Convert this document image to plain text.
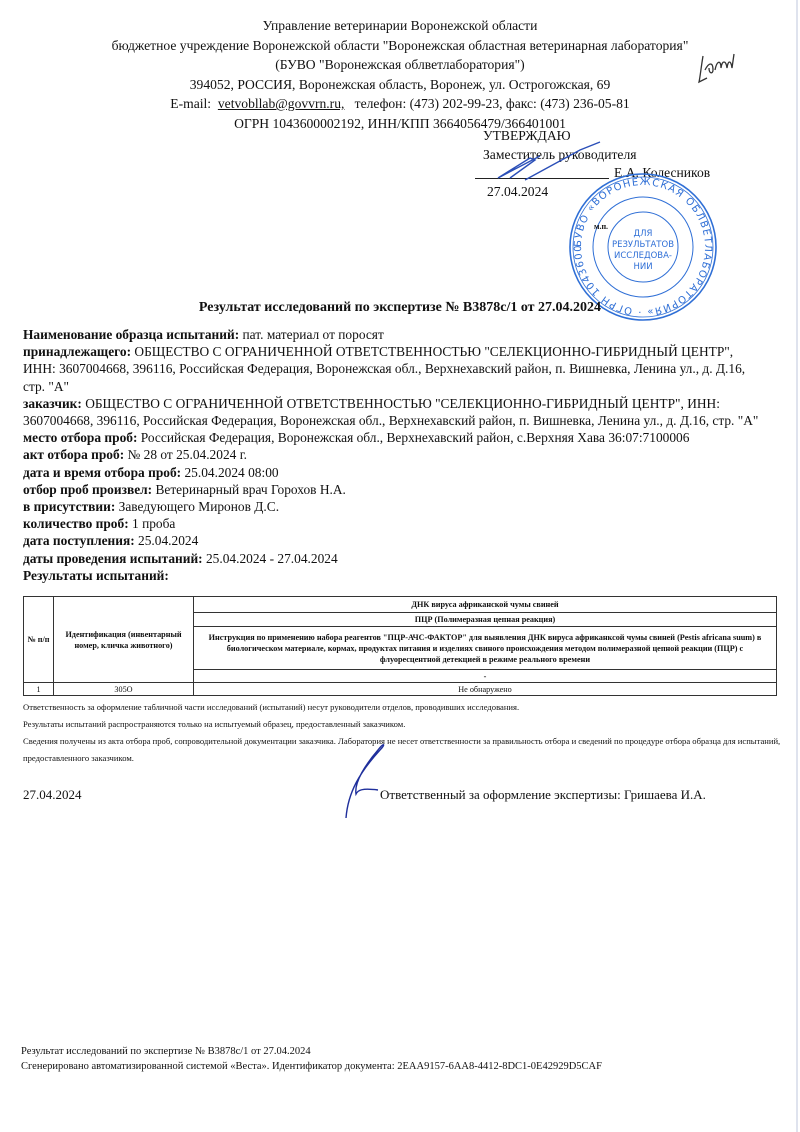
Управление ветеринарии Воронежской области
бюджетное учреждение Воронежской области "Воронежская областная ветеринарная лаборатория"
(БУВО "Воронежская облветлаборатория")
394052, РОССИЯ, Воронежская область, Воронеж, ул. Острогожская, 69
E-mail: vetvobllab@govvrn.ru, телефон: (473) 202-99-23, факс: (473) 236-05-81
ОГРН 1043600002192, ИНН/КПП 3664056479/366401001
УТВЕРЖДАЮ
Заместитель руководителя
Е.А. Колесников
27.04.2024
БУВО «ВОРОНЕЖСКАЯ ОБЛВЕТЛАБОРАТОРИЯ» · ОГРН 1043600002192 · ИНН 3664056479
ДЛЯ
РЕЗУЛЬТАТОВ
ИССЛЕДОВА-
НИИ
м.п.
Результат исследований по экспертизе № В3878с/1 от 27.04.2024
Наименование образца испытаний: пат. материал от поросят
принадлежащего: ОБЩЕСТВО С ОГРАНИЧЕННОЙ ОТВЕТСТВЕННОСТЬЮ "СЕЛЕКЦИОННО-ГИБРИДНЫЙ ЦЕНТР", ИНН: 3607004668, 396116, Российская Федерация, Воронежская обл., Верхнехавский район, п. Вишневка, Ленина ул., д. Д.16, стр. "А"
заказчик: ОБЩЕСТВО С ОГРАНИЧЕННОЙ ОТВЕТСТВЕННОСТЬЮ "СЕЛЕКЦИОННО-ГИБРИДНЫЙ ЦЕНТР", ИНН: 3607004668, 396116, Российская Федерация, Воронежская обл., Верхнехавский район, п. Вишневка, Ленина ул., д. Д.16, стр. "А"
место отбора проб: Российская Федерация, Воронежская обл., Верхнехавский район, с.Верхняя Хава 36:07:7100006
акт отбора проб: № 28 от 25.04.2024 г.
дата и время отбора проб: 25.04.2024 08:00
отбор проб произвел: Ветеринарный врач Горохов Н.А.
в присутствии: Заведующего Миронов Д.С.
количество проб: 1 проба
дата поступления: 25.04.2024
даты проведения испытаний: 25.04.2024 - 27.04.2024
Результаты испытаний:
№ п/п	Идентификация (инвентарный номер, кличка животного)	ДНК вируса африканской чумы свиней
		ПЦР (Полимеразная цепная реакция)
		Инструкция по применению набора реагентов "ПЦР-АЧС-ФАКТОР" для выявления ДНК вируса африканксой чумы свиней (Pestis africana suum) в биологическом материале, кормах, продуктах питания и изделиях свиного происхождения методом полимеразной цепной реакции (ПЦР) с флуоресцентной детекцией в режиме реального времени
		-
1	305О	Не обнаружено
Ответственность за оформление табличной части исследований (испытаний) несут руководители отделов, проводивших исследования.
Результаты испытаний распространяются только на испытуемый образец, предоставленный заказчиком.
Сведения получены из акта отбора проб, сопроводительной документации заказчика. Лаборатория не несет ответственности за правильность отбора и сведений по процедуре отбора образца для испытаний, предоставленного заказчиком.
27.04.2024	Ответственный за оформление экспертизы: Гришаева И.А.
Результат исследований по экспертизе № В3878с/1 от 27.04.2024
Сгенерировано автоматизированной системой «Веста». Идентификатор документа: 2EAA9157-6AA8-4412-8DC1-0E42929D5CAF
